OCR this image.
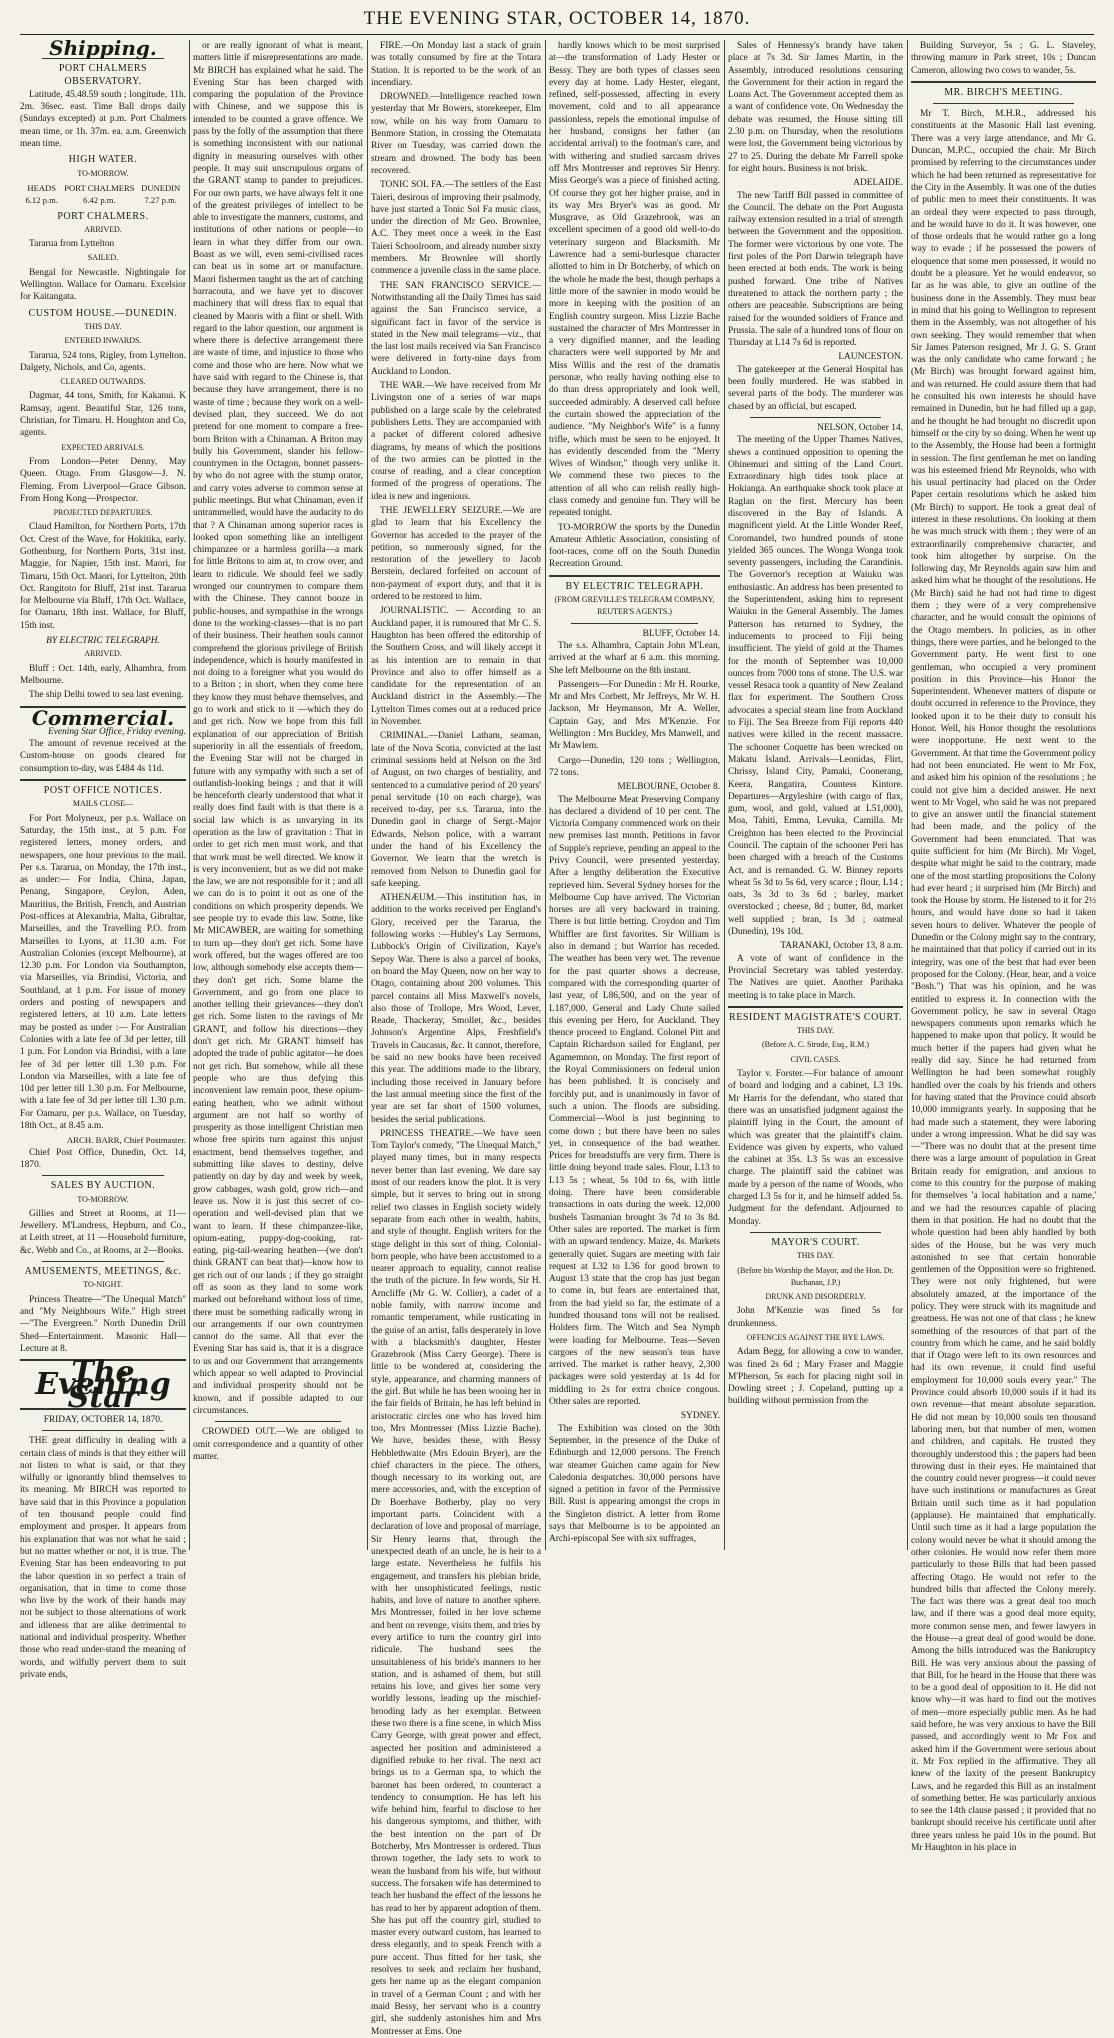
THE EVENING STAR, OCTOBER 14, 1870.
Shipping.
PORT CHALMERS OBSERVATORY.

Latitude, 45.48.59 south ; longitude, 11h. 2m. 36sec. east. Time Ball drops daily (Sundays excepted) at p.m. Port Chalmers mean time, or 1h. 37m. ea. a.m. Greenwich mean time.

HIGH WATER.
TO-MORROW.
HEADS 6.12 p.m.
PORT CHALMERS 6.42 p.m.
DUNEDIN 7.27 p.m.
PORT CHALMERS.
ARRIVED.

Tararua from Lyttelton

SAILED.

Bengal for Newcastle. Nightingale for Wellington. Wallace for Oamaru. Excelsior for Kaitangata.

CUSTOM HOUSE.—DUNEDIN.
THIS DAY.
ENTERED INWARDS.

Tararua, 524 tons, Rigley, from Lyttelton. Dalgety, Nichols, and Co, agents.

CLEARED OUTWARDS.

Dagmar, 44 tons, Smith, for Kakanui. K Ramsay, agent. Beautiful Star, 126 tons, Christian, for Timaru. H. Houghton and Co, agents.

EXPECTED ARRIVALS.

From London—Peter Denny, May Queen. Otago. From Glasgow—J. N. Fleming. From Liverpool—Grace Gibson. From Hong Kong—Prospector.

PROJECTED DEPARTURES.

Claud Hamilton, for Northern Ports, 17th Oct. Crest of the Wave, for Hokitika, early. Gothenburg, for Northern Ports, 31st inst. Maggie, for Napier, 15th inst. Maori, for Timaru, 15th Oct. Maori, for Lyttelton, 20th Oct. Rangitoto for Bluff, 21st inst. Tararua for Melbourne via Bluff, 17th Oct. Wallace, for Oamaru, 18th inst. Wallace, for Bluff, 15th inst.

BY ELECTRIC TELEGRAPH.
ARRIVED.

Bluff : Oct. 14th, early, Alhambra, from Melbourne.

The ship Delhi towed to sea last evening.

Commercial.
Evening Star Office, Friday evening.

The amount of revenue received at the Custom-house on goods cleared for consumption to-day, was £484 4s 11d.

POST OFFICE NOTICES.
MAILS CLOSE—

For Port Molyneux, per p.s. Wallace on Saturday, the 15th inst., at 5 p.m. For registered letters, money orders, and newspapers, one hour previous to the mail. Per s.s. Tararua, on Monday, the 17th inst., as under:— For India, China, Japan, Penang, Singapore, Ceylon, Aden, Mauritius, the British, French, and Austrian Post-offices at Alexandria, Malta, Gibraltar, Marseilles, and the Travelling P.O. from Marseilles to Lyons, at 11.30 a.m. For Australian Colonies (except Melbourne), at 12.30 p.m. For London via Southampton, via Marseilles, via Brindisi, Victoria, and Southland, at 1 p.m. For issue of money orders and posting of newspapers and registered letters, at 10 a.m. Late letters may be posted as under :— For Australian Colonies with a late fee of 3d per letter, till 1 p.m. For London via Brindisi, with a late fee of 3d per letter till 1.30 p.m. For London via Marseilles, with a late fee of 10d per letter till 1.30 p.m. For Melbourne, with a late fee of 3d per letter till 1.30 p.m. For Oamaru, per p.s. Wallace, on Tuesday, 18th Oct., at 8.45 a.m.

ARCH. BARR, Chief Postmaster.

Chief Post Office, Dunedin, Oct. 14, 1870.

SALES BY AUCTION.
TO-MORROW.

Gillies and Street at Rooms, at 11—Jewellery. M'Landress, Hepburn, and Co., at Leith street, at 11 —Household furniture, &c. Webb and Co., at Rooms, at 2—Books.

AMUSEMENTS, MEETINGS, &c.
TO-NIGHT.

Princess Theatre—"The Unequal Match" and "My Neighbours Wife." High street—"The Evergreen." North Dunedin Drill Shed—Entertainment. Masonic Hall—Lecture at 8.

The Evening Star
FRIDAY, OCTOBER 14, 1870.

THE great difficulty in dealing with a certain class of minds is that they either will not listen to what is said, or that they wilfully or ignorantly blind themselves to its meaning. Mr BIRCH was reported to have said that in this Province a population of ten thousand people could find employment and prosper. It appears from his explanation that was not what he said ; but no matter whether or not, it is true. The Evening Star has been endeavoring to put the labor question in so perfect a train of organisation, that in time to come those who live by the work of their hands may not be subject to those alternations of work and idleness that are alike detrimental to national and individual prosperity. Whether those who read under-stand the meaning of words, and wilfully pervert them to suit private ends,

or are really ignorant of what is meant, matters little if misrepresentations are made. Mr BIRCH has explained what he said. The Evening Star has been charged with comparing the population of the Province with Chinese, and we suppose this is intended to be counted a grave offence. We pass by the folly of the assumption that there is something inconsistent with our national dignity in measuring ourselves with other people. It may suit unscrupulous organs of the GRANT stamp to pander to prejudices. For our own parts, we have always felt it one of the greatest privileges of intellect to be able to investigate the manners, customs, and institutions of other nations or people—to learn in what they differ from our own. Boast as we will, even semi-civilised races can beat us in some art or manufacture. Maori fishermen taught us the art of catching barracouta, and we have yet to discover machinery that will dress flax to equal that cleaned by Maoris with a flint or shell. With regard to the labor question, our argument is where there is defective arrangement there are waste of time, and injustice to those who come and those who are here. Now what we have said with regard to the Chinese is, that because they have arrangement, there is no waste of time ; because they work on a well-devised plan, they succeed. We do not pretend for one moment to compare a free-born Briton with a Chinaman. A Briton may bully his Government, slander his fellow-countrymen in the Octagon, bonnet passers-by who do not agree with the stump orator, and carry votes adverse to common sense at public meetings. But what Chinaman, even if untrammelled, would have the audacity to do that ? A Chinaman among superior races is looked upon something like an intelligent chimpanzee or a harmless gorilla—a mark for little Britons to aim at, to crow over, and learn to ridicule. We should feel we sadly wronged our countrymen to compare them with the Chinese. They cannot booze in public-houses, and sympathise in the wrongs done to the working-classes—that is no part of their business. Their heathen souls cannot comprehend the glorious privilege of British independence, which is hourly manifested in not doing to a foreigner what you would do to a Briton ; in short, when they come here they know they must behave themselves, and go to work and stick to it —which they do and get rich. Now we hope from this full explanation of our appreciation of British superiority in all the essentials of freedom, the Evening Star will not be charged in future with any sympathy with such a set of outlandish-looking beings ; and that it will be henceforth clearly understood that what it really does find fault with is that there is a social law which is as unvarying in its operation as the law of gravitation : That in order to get rich men must work, and that that work must be well directed. We know it is very inconvenient, but as we did not make the law, we are not responsible for it ; and all we can do is to point it out as one of the conditions on which prosperity depends. We see people try to evade this law. Some, like Mr MICAWBER, are waiting for something to turn up—they don't get rich. Some have work offered, but the wages offered are too low, although somebody else accepts them—they don't get rich. Some blame the Government, and go from one place to another telling their grievances—they don't get rich. Some listen to the ravings of Mr GRANT, and follow his directions—they don't get rich. Mr GRANT himself has adopted the trade of public agitator—he does not get rich. But somehow, while all these people who are thus defying this inconvenient law remain poor, these opium-eating heathen, who we admit without argument are not half so worthy of prosperity as those intelligent Christian men whose free spirits turn against this unjust enactment, bend themselves together, and submitting like slaves to destiny, delve patiently on day by day and week by week, grow cabbages, wash gold, grow rich—and leave us. Now it is just this secret of co-operation and well-devised plan that we want to learn. If these chimpanzee-like, opium-eating, puppy-dog-cooking, rat-eating, pig-tail-wearing heathen—(we don't think GRANT can beat that)—know how to get rich out of our lands ; if they go straight off as soon as they land to some work marked out beforehand without loss of time, there must be something radically wrong in our arrangements if our own countrymen cannot do the same. All that ever the Evening Star has said is, that it is a disgrace to us and our Government that arrangements which appear so well adapted to Provincial and individual prosperity should not be known, and if possible adapted to our circumstances.

CROWDED OUT.—We are obliged to omit correspondence and a quantity of other matter.

FIRE.—On Monday last a stack of grain was totally consumed by fire at the Totara Station. It is reported to be the work of an incendiary.

DROWNED.—Intelligence reached town yesterday that Mr Bowers, storekeeper, Elm row, while on his way from Oamaru to Benmore Station, in crossing the Otematata River on Tuesday, was carried down the stream and drowned. The body has been recovered.

TONIC SOL FA.—The settlers of the East Taieri, desirous of improving their psalmody, have just started a Tonic Sol Fa music class, under the direction of Mr Geo. Brownlee, A.C. They meet once a week in the East Taieri Schoolroom, and already number sixty members. Mr Brownlee will shortly commence a juvenile class in the same place.

THE SAN FRANCISCO SERVICE.—Notwithstanding all the Daily Times has said against the San Francisco service, a significant fact in favor of the service is stated in the New mail telegrams—viz., that the last lost mails received via San Francisco were delivered in forty-nine days from Auckland to London.

THE WAR.—We have received from Mr Livingston one of a series of war maps published on a large scale by the celebrated publishers Letts. They are accompanied with a packet of different colored adhesive diagrams, by means of which the positions of the two armies can be plotted in the course of reading, and a clear conception formed of the progress of operations. The idea is new and ingenious.

THE JEWELLERY SEIZURE.—We are glad to learn that his Excellency the Governor has acceded to the prayer of the petition, so numerously signed, for the restoration of the jewellery to Jacob Berstein, declared forfeited on account of non-payment of export duty, and that it is ordered to be restored to him.

JOURNALISTIC. — According to an Auckland paper, it is rumoured that Mr C. S. Haughton has been offered the editorship of the Southern Cross, and will likely accept it as his intention are to remain in that Province and also to offer himself as a candidate for the representation of an Auckland district in the Assembly.—The Lyttelton Times comes out at a reduced price in November.

CRIMINAL.—Daniel Latham, seaman, late of the Nova Scotia, convicted at the last criminal sessions held at Nelson on the 3rd of August, on two charges of bestiality, and sentenced to a cumulative period of 20 years' penal servitude (10 on each charge), was received to-day, per s.s. Tararua, into the Dunedin gaol in charge of Sergt.-Major Edwards, Nelson police, with a warrant under the hand of his Excellency the Governor. We learn that the wretch is removed from Nelson to Dunedin gaol for safe keeping.

ATHENÆUM.—This institution has, in addition to the works received per England's Glory, received per the Tararua, the following works :—Hubley's Lay Sermons, Lubbock's Origin of Civilization, Kaye's Sepoy War. There is also a parcel of books, on board the May Queen, now on her way to Otago, containing about 200 volumes. This parcel contains all Miss Maxwell's novels, also those of Trollope, Mrs Wood, Lever, Reade, Thackeray, Smollet, &c., besides Johnson's Argentine Alps, Freshfield's Travels in Caucasus, &c. It cannot, therefore, be said no new books have been received this year. The additions made to the library, including those received in January before the last annual meeting since the first of the year are set far short of 1500 volumes, besides the serial publications.

PRINCESS THEATRE.—We have seen Tom Taylor's comedy, "The Unequal Match," played many times, but in many respects never better than last evening. We dare say most of our readers know the plot. It is very simple, but it serves to bring out in strong relief two classes in English society widely separate from each other in wealth, habits, and style of thought. English writers for the stage delight in this sort of thing. Colonial-born people, who have been accustomed to a nearer approach to equality, cannot realise the truth of the picture. In few words, Sir H. Arncliffe (Mr G. W. Collier), a cadet of a noble family, with narrow income and romantic temperament, while rusticating in the guise of an artist, falls desperately in love with a blacksmith's daughter, Hester Grazebrook (Miss Carry George). There is little to be wondered at, considering the style, appearance, and charming manners of the girl. But while he has been wooing her in the fair fields of Britain, he has left behind in aristocratic circles one who has loved him too, Mrs Montresser (Miss Lizzie Bache). We have, besides these, with Bessy Hebblethwaite (Mrs Edouin Bryer), are the chief characters in the piece. The others, though necessary to its working out, are mere accessories, and, with the exception of Dr Boerhave Botherby, play no very important parts. Coincident with a declaration of love and proposal of marriage, Sir Henry learns that, through the unexpected death of an uncle, he is heir to a large estate. Nevertheless he fulfils his engagement, and transfers his plebian bride, with her unsophisticated feelings, rustic habits, and love of nature to another sphere. Mrs Montresser, foiled in her love scheme and bent on revenge, visits them, and tries by every artifice to turn the country girl into ridicule. The husband sees the unsuitableness of his bride's manners to her station, and is ashamed of them, but still retains his love, and gives her some very worldly lessons, leading up the mischief-brooding lady as her exemplar. Between these two there is a fine scene, in which Miss Carry George, with great power and effect, aspected her position and administered a dignified rebuke to her rival. The next act brings us to a German spa, to which the baronet has been ordered, to counteract a tendency to consumption. He has left his wife behind him, fearful to disclose to her his dangerous symptoms, and thither, with the best intention on the part of Dr Botcherby, Mrs Montresser is ordered. Thus thrown together, the lady sets to work to wean the husband from his wife, but without success. The forsaken wife has determined to teach her husband the effect of the lessons he has read to her by apparent adoption of them. She has put off the country girl, studied to master every outward custom, has learned to dress elegantly, and to speak French with a pure accent. Thus fitted for her task, she resolves to seek and reclaim her husband, gets her name up as the elegant companion in travel of a German Count ; and with her maid Bessy, her servant who is a country girl, she suddenly astonishes him and Mrs Montresser at Ems. One

hardly knows which to be most surprised at—the transformation of Lady Hester or Bessy. They are both types of classes seen every day at home. Lady Hester, elegant, refined, self-possessed, affecting in every movement, cold and to all appearance passionless, repels the emotional impulse of her husband, consigns her father (an accidental arrival) to the footman's care, and with withering and studied sarcasm drives off Mrs Montresser and reproves Sir Henry. Miss George's was a piece of finished acting. Of course they got her higher praise, and in its way Mrs Bryer's was as good. Mr Musgrave, as Old Grazebrook, was an excellent specimen of a good old well-to-do veterinary surgeon and Blacksmith. Mr Lawrence had a semi-burlesque character allotted to him in Dr Botcherby, of which on the whole he made the best, though perhaps a little more of the sawnier in modo would be more in keeping with the position of an English country surgeon. Miss Lizzie Bache sustained the character of Mrs Montresser in a very dignified manner, and the leading characters were well supported by Mr and Miss Willis and the rest of the dramatis personæ, who really having nothing else to do than dress appropriately and look well, succeeded admirably. A deserved call before the curtain showed the appreciation of the audience. "My Neighbor's Wife" is a funny trifle, which must be seen to be enjoyed. It has evidently descended from the "Merry Wives of Windsor," though very unlike it. We commend these two pieces to the attention of all who can relish really high-class comedy and genuine fun. They will be repeated tonight.

TO-MORROW the sports by the Dunedin Amateur Athletic Association, consisting of foot-races, come off on the South Dunedin Recreation Ground.

BY ELECTRIC TELEGRAPH.
(FROM GREVILLE'S TELEGRAM COMPANY, REUTER'S AGENTS.)
BLUFF, October 14.

The s.s. Alhambra, Captain John M'Lean, arrived at the wharf at 6 a.m. this morning. She left Melbourne on the 8th instant.

Passengers—For Dunedin : Mr H. Rourke, Mr and Mrs Corbett, Mr Jeffreys, Mr W. H. Jackson, Mr Heymanson, Mr A. Weller, Captain Gay, and Mrs M'Kenzie. For Wellington : Mrs Buckley, Mrs Manwell, and Mr Mawlem.

Cargo—Dunedin, 120 tons ; Wellington, 72 tons.

MELBOURNE, October 8.

The Melbourne Meat Preserving Company has declared a dividend of 10 per cent. The Victoria Company commenced work on their new premises last month. Petitions in favor of Supple's reprieve, pending an appeal to the Privy Council, were presented yesterday. After a lengthy deliberation the Executive reprieved him. Several Sydney horses for the Melbourne Cup have arrived. The Victorian horses are all very backward in training. There is but little betting. Croydon and Tim Whiffler are first favorites. Sir William is also in demand ; but Warrior has receded. The weather has been very wet. The revenue for the past quarter shows a decrease, compared with the corresponding quarter of last year, of L86,500, and on the year of L187,000. General and Lady Chute sailed this evening per Hero, for Auckland. They thence proceed to England. Colonel Pitt and Captain Richardson sailed for England, per Agamemnon, on Monday. The first report of the Royal Commissioners on federal union has been published. It is concisely and forcibly put, and is unanimously in favor of such a union. The floods are subsiding. Commercial—Wool is just beginning to come down ; but there have been no sales yet, in consequence of the bad weather. Prices for breadstuffs are very firm. There is little doing beyond trade sales. Flour, L13 to L13 5s ; wheat, 5s 10d to 6s, with little doing. There have been considerable transactions in oats during the week. 12,000 bushels Tasmanian brought 3s 7d to 3s 8d. Other sales are reported. The market is firm with an upward tendency. Maize, 4s. Markets generally quiet. Sugars are meeting with fair request at L32 to L36 for good brown to August 13 state that the crop has just began to come in, but fears are entertained that, from the bad yield so far, the estimate of a hundred thousand tons will not be realised. Holders firm. The Witch and Sea Nymph were loading for Melbourne. Teas—Seven cargoes of the new season's teas have arrived. The market is rather heavy, 2,300 packages were sold yesterday at 1s 4d for middling to 2s for extra choice congous. Other sales are reported.

SYDNEY.

The Exhibition was closed on the 30th September, in the presence of the Duke of Edinburgh and 12,000 persons. The French war steamer Guichen came again for New Caledonia despatches. 30,000 persons have signed a petition in favor of the Permissive Bill. Rust is appearing amongst the crops in the Singleton district. A letter from Rome says that Melbourne is to be appointed an Archi-episcopal See with six suffrages,

Sales of Hennessy's brandy have taken place at 7s 3d. Sir James Martin, in the Assembly, introduced resolutions censuring the Government for their action in regard the Loans Act. The Government accepted them as a want of confidence vote. On Wednesday the debate was resumed, the House sitting till 2.30 p.m. on Thursday, when the resolutions were lost, the Government being victorious by 27 to 25. During the debate Mr Farrell spoke for eight hours. Business is not brisk.

ADELAIDE.

The new Tariff Bill passed in committee of the Council. The debate on the Port Augusta railway extension resulted in a trial of strength between the Government and the opposition. The former were victorious by one vote. The first poles of the Port Darwin telegraph have been erected at both ends. The work is being pushed forward. One tribe of Natives threatened to attack the northern party ; the others are peaceable. Subscriptions are being raised for the wounded soldiers of France and Prussia. The sale of a hundred tons of flour on Thursday at L14 7s 6d is reported.

LAUNCESTON.

The gatekeeper at the General Hospital has been foully murdered. He was stabbed in several parts of the body. The murderer was chased by an official, but escaped.

NELSON, October 14.

The meeting of the Upper Thames Natives, shews a continued opposition to opening the Ohinemuri and sitting of the Land Court. Extraordinary high tides took place at Hokianga. An earthquake shock took place at Raglan on the first. Mercury has been discovered in the Bay of Islands. A magnificent yield. At the Little Wonder Reef, Coromandel, two hundred pounds of stone yielded 365 ounces. The Wonga Wonga took seventy passengers, including the Carandinis. The Governor's reception at Waiuku was enthusiastic. An address has been presented to the Superintendent, asking him to represent Waiuku in the General Assembly. The James Patterson has returned to Sydney, the inducements to proceed to Fiji being insufficient. The yield of gold at the Thames for the month of September was 10,000 ounces from 7000 tons of stone. The U.S. war vessel Resaca took a quantity of New Zealand flax for experiment. The Southern Cross advocates a special steam line from Auckland to Fiji. The Sea Breeze from Fiji reports 440 natives were killed in the recent massacre. The schooner Coquette has been wrecked on Makatu Island. Arrivals—Leonidas, Flirt, Chrissy, Island City, Pamaki, Coonerang, Keera, Rangatira, Countess Kintore. Departures—Argyleshire (with cargo of flax, gum, wool, and gold, valued at L51,000), Moa, Tahiti, Emma, Levuka, Camilla. Mr Creighton has been elected to the Provincial Council. The captain of the schooner Peri has been charged with a breach of the Customs Act, and is remanded. G. W. Binney reports wheat 5s 3d to 5s 6d, very scarce ; flour, L14 ; oats, 3s 3d to 3s 6d ; barley, market overstocked ; cheese, 8d ; butter, 8d, market well supplied ; bran, 1s 3d ; oatmeal (Dunedin), 19s 10d.

TARANAKI, October 13, 8 a.m.

A vote of want of confidence in the Provincial Secretary was tabled yesterday. The Natives are quiet. Another Parihaka meeting is to take place in March.

RESIDENT MAGISTRATE'S COURT.
THIS DAY.
(Before A. C. Strode, Esq., R.M.)
CIVIL CASES.

Taylor v. Forster.—For balance of amount of board and lodging and a cabinet, L3 19s. Mr Harris for the defendant, who stated that there was an unsatisfied judgment against the plaintiff lying in the Court, the amount of which was greater that the plaintiff's claim. Evidence was given by experts, who valued the cabinet at 35s. L3 5s was an excessive charge. The plaintiff said the cabinet was made by a person of the name of Woods, who charged L3 5s for it, and he himself added 5s. Judgment for the defendant. Adjourned to Monday.

MAYOR'S COURT.
THIS DAY.
(Before his Worship the Mayor, and the Hon. Dr. Buchanan, J.P.)
DRUNK AND DISORDERLY.

John M'Kenzie was fined 5s for drunkenness.

OFFENCES AGAINST THE BYE LAWS.

Adam Begg, for allowing a cow to wander, was fined 2s 6d ; Mary Fraser and Maggie M'Pherson, 5s each for placing night soil in Dowling street ; J. Copeland, putting up a building without permission from the

Building Surveyor, 5s ; G. L. Staveley, throwing manure in Park street, 10s ; Duncan Cameron, allowing two cows to wander, 5s.

MR. BIRCH'S MEETING.

Mr T. Birch, M.H.R., addressed his constituents at the Masonic Hall last evening. There was a very large attendance, and Mr G. Duncan, M.P.C., occupied the chair. Mr Birch promised by referring to the circumstances under which he had been returned as representative for the City in the Assembly. It was one of the duties of public men to meet their constituents. It was an ordeal they were expected to pass through, and he would have to do it. It was however, one of those ordeals that he would rather go a long way to evade ; if he possessed the powers of eloquence that some men possessed, it would no doubt be a pleasure. Yet he would endeavor, so far as he was able, to give an outline of the business done in the Assembly. They must bear in mind that his going to Wellington to represent them in the Assembly, was not altogether of his own seeking. They would remember that when Sir James Paterson resigned, Mr J. G. S. Grant was the only candidate who came forward ; he (Mr Birch) was brought forward against him, and was returned. He could assure them that had he consulted his own interests he should have remained in Dunedin, but he had filled up a gap, and he thought he had brought no discredit upon himself or the city by so doing. When he went up to the Assembly, the House had been a fortnight in session. The first gentleman he met on landing was his esteemed friend Mr Reynolds, who with his usual pertinacity had placed on the Order Paper certain resolutions which he asked him (Mr Birch) to support. He took a great deal of interest in these resolutions. On looking at them he was much struck with them ; they were of an extraordinarily comprehensive character, and took him altogether by surprise. On the following day, Mr Reynolds again saw him and asked him what he thought of the resolutions. He (Mr Birch) said he had not had time to digest them ; they were of a very comprehensive character, and he would consult the opinions of the Otago members. In policies, as in other things, there were parties, and he belonged to the Government party. He went first to one gentleman, who occupied a very prominent position in this Province—his Honor the Superintendent. Whenever matters of dispute or doubt occurred in reference to the Province, they looked upon it to be their duty to consult his Honor. Well, his Honor thought the resolutions were inopportune. He next went to the Government. At that time the Government policy had not been enunciated. He went to Mr Fox, and asked him his opinion of the resolutions ; he could not give him a decided answer. He next went to Mr Vogel, who said he was not prepared to give an answer until the financial statement had been made, and the policy of the Government had been enunciated. That was quite sufficient for him (Mr Birch). Mr Vogel, despite what might be said to the contrary, made one of the most startling propositions the Colony had ever heard ; it surprised him (Mr Birch) and took the House by storm. He listened to it for 2½ hours, and would have done so had it taken seven hours to deliver. Whatever the people of Dunedin or the Colony might say to the contrary, he maintained that that policy if carried out in its integrity, was one of the best that had ever been proposed for the Colony. (Hear, hear, and a voice "Bosh.") That was his opinion, and he was entitled to express it. In connection with the Government policy, he saw in several Otago newspapers comments upon remarks which he happened to make upon that policy. It would be much better if the papers had given what he really did say. Since he had returned from Wellington he had been somewhat roughly handled over the coals by his friends and others for having stated that the Province could absorb 10,000 immigrants yearly. In supposing that he had made such a statement, they were laboring under a wrong impression. What he did say was—"There was no doubt that at the present time there was a large amount of population in Great Britain ready for emigration, and anxious to come to this country for the purpose of making for themselves 'a local habitation and a name,' and we had the resources capable of placing them in that position. He had no doubt that the whole question had been ably handled by both sides of the House, but he was very much astonished to see that certain honorable gentlemen of the Opposition were so frightened. They were not only frightened, but were absolutely amazed, at the importance of the policy. They were struck with its magnitude and greatness. He was not one of that class ; he knew something of the resources of that part of the country from which he came, and he said boldly that if Otago were left to its own resources and had its own revenue, it could find useful employment for 10,000 souls every year." The Province could absorb 10,000 souls if it had its own revenue—that meant absolute separation. He did not mean by 10,000 souls ten thousand laboring men, but that number of men, women and children, and capitals. He trusted they thoroughly understood this ; the papers had been throwing dust in their eyes. He maintained that the country could never progress—it could never have such institutions or manufactures as Great Britain until such time as it had population (applause). He maintained that emphatically. Until such time as it had a large population the colony would never be what it should among the other colonies. He would now refer them more particularly to those Bills that had been passed affecting Otago. He would not refer to the hundred bills that affected the Colony merely. The fact was there was a great deal too much law, and if there was a good deal more equity, more common sense men, and fewer lawyers in the House—a great deal of good would be done. Among the bills introduced was the Bankruptcy Bill. He was very anxious about the passing of that Bill, for he heard in the House that there was to be a good deal of opposition to it. He did not know why—it was hard to find out the motives of men—more especially public men. As he had said before, he was very anxious to have the Bill passed, and accordingly went to Mr Fox and asked him if the Government were serious about it. Mr Fox replied in the affirmative. They all knew of the laxity of the present Bankruptcy Laws, and he regarded this Bill as an instalment of something better. He was particularly anxious to see the 14th clause passed ; it provided that no bankrupt should receive his certificate until after three years unless he paid 10s in the pound. But Mr Haughton in his place in
